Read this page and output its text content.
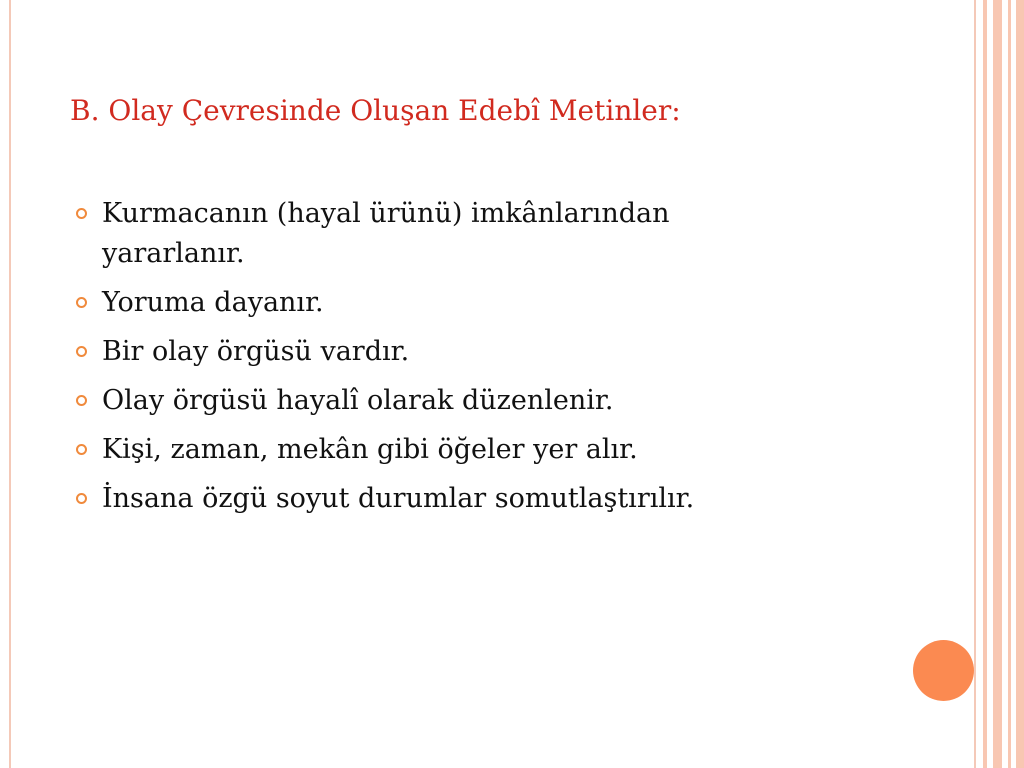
B. Olay Çevresinde Oluşan Edebî Metinler:
Kurmacanın (hayal ürünü) imkânlarından yararlanır.
Yoruma dayanır.
Bir olay örgüsü vardır.
Olay örgüsü hayalî olarak düzenlenir.
Kişi, zaman, mekân gibi öğeler yer alır.
İnsana özgü soyut durumlar somutlaştırılır.
